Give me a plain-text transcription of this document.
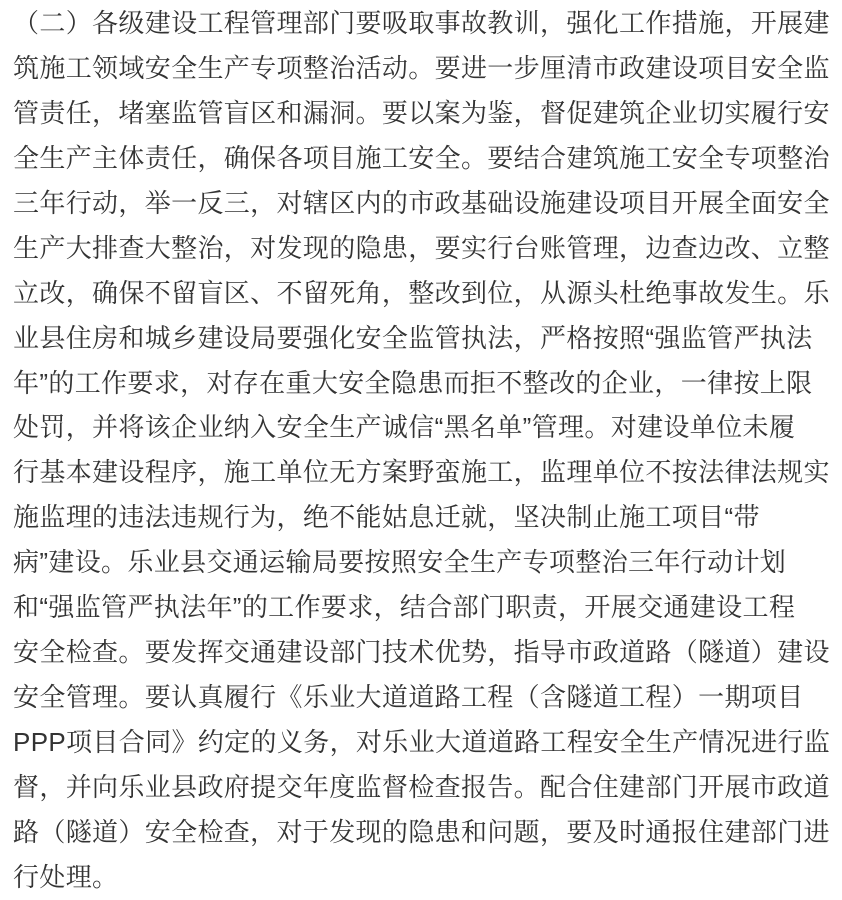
（二）各级建设工程管理部门要吸取事故教训，强化工作措施，开展建
筑施工领域安全生产专项整治活动。要进一步厘清市政建设项目安全监
管责任，堵塞监管盲区和漏洞。要以案为鉴，督促建筑企业切实履行安
全生产主体责任，确保各项目施工安全。要结合建筑施工安全专项整治
三年行动，举一反三，对辖区内的市政基础设施建设项目开展全面安全
生产大排查大整治，对发现的隐患，要实行台账管理，边查边改、立整
立改，确保不留盲区、不留死角，整改到位，从源头杜绝事故发生。乐
业县住房和城乡建设局要强化安全监管执法，严格按照“强监管严执法
年”的工作要求，对存在重大安全隐患而拒不整改的企业，一律按上限
处罚，并将该企业纳入安全生产诚信“黑名单”管理。对建设单位未履
行基本建设程序，施工单位无方案野蛮施工，监理单位不按法律法规实
施监理的违法违规行为，绝不能姑息迁就，坚决制止施工项目“带
病”建设。乐业县交通运输局要按照安全生产专项整治三年行动计划
和“强监管严执法年”的工作要求，结合部门职责，开展交通建设工程
安全检查。要发挥交通建设部门技术优势，指导市政道路（隧道）建设
安全管理。要认真履行《乐业大道道路工程（含隧道工程）一期项目
PPP项目合同》约定的义务，对乐业大道道路工程安全生产情况进行监
督，并向乐业县政府提交年度监督检查报告。配合住建部门开展市政道
路（隧道）安全检查，对于发现的隐患和问题，要及时通报住建部门进
行处理。
